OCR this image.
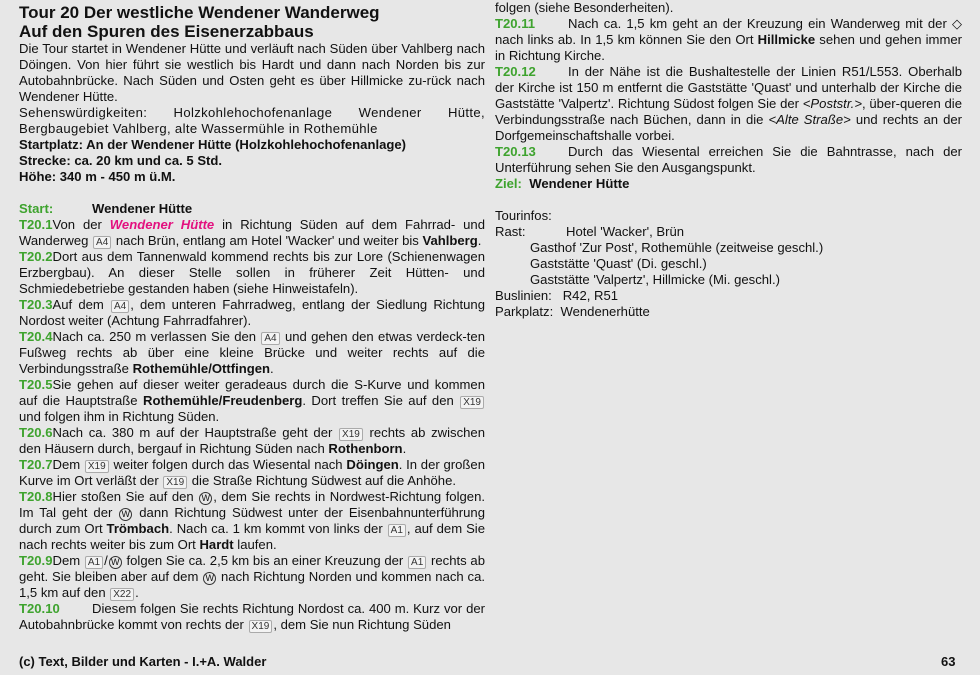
Tour 20 Der westliche Wendener Wanderweg

Auf den Spuren des Eisenerzabbaus

Die Tour startet in Wendener Hütte und verläuft nach Süden über Vahlberg nach Döingen. Von hier führt sie westlich bis Hardt und dann nach Norden bis zur Autobahnbrücke. Nach Süden und Osten geht es über Hillmicke zu-rück nach Wendener Hütte.

Sehenswürdigkeiten: Holzkohlehochofenanlage Wendener Hütte, Bergbaugebiet Vahlberg, alte Wassermühle in Rothemühle

Startplatz: An der Wendener Hütte (Holzkohlehochofenanlage)

Strecke: ca. 20 km und ca. 5 Std.

Höhe: 340 m - 450 m ü.M.

Start:	Wendener Hütte

T20.1Von der Wendener Hütte in Richtung Süden auf dem Fahrrad- und Wanderweg A4 nach Brün, entlang am Hotel 'Wacker' und weiter bis Vahlberg.

T20.2Dort aus dem Tannenwald kommend rechts bis zur Lore (Schienenwagen Erzbergbau). An dieser Stelle sollen in früherer Zeit Hütten- und Schmiedebetriebe gestanden haben (siehe Hinweistafeln).

T20.3Auf dem A4 , dem unteren Fahrradweg, entlang der Siedlung Richtung Nordost weiter (Achtung Fahrradfahrer).

T20.4Nach ca. 250 m verlassen Sie den A4 und gehen den etwas verdeck-ten Fußweg rechts ab über eine kleine Brücke und weiter rechts auf die Verbindungsstraße Rothemühle/Ottfingen.

T20.5Sie gehen auf dieser weiter geradeaus durch die S-Kurve und kommen auf die Hauptstraße Rothemühle/Freudenberg. Dort treffen Sie auf den X19 und folgen ihm in Richtung Süden.

T20.6Nach ca. 380 m auf der Hauptstraße geht der X19 rechts ab zwischen den Häusern durch, bergauf in Richtung Süden nach Rothenborn.

T20.7Dem X19 weiter folgen durch das Wiesental nach Döingen. In der großen Kurve im Ort verläßt der X19 die Straße Richtung Südwest auf die Anhöhe.

T20.8Hier stoßen Sie auf den W , dem Sie rechts in Nordwest-Richtung folgen. Im Tal geht der W dann Richtung Südwest unter der Eisenbahnunterführung durch zum Ort Trömbach. Nach ca. 1 km kommt von links der A1 , auf dem Sie nach rechts weiter bis zum Ort Hardt laufen.

T20.9Dem A1 / W folgen Sie ca. 2,5 km bis an einer Kreuzung der A1 rechts ab geht. Sie bleiben aber auf dem W nach Richtung Norden und kommen nach ca. 1,5 km auf den X22 .

T20.10 Diesem folgen Sie rechts Richtung Nordost ca. 400 m. Kurz vor der Autobahnbrücke kommt von rechts der X19 , dem Sie nun Richtung Süden

folgen (siehe Besonderheiten).

T20.11	Nach ca. 1,5 km geht an der Kreuzung ein Wanderweg mit der ◇ nach links ab. In 1,5 km können Sie den Ort Hillmicke sehen und gehen immer in Richtung Kirche.

T20.12 In der Nähe ist die Bushaltestelle der Linien R51/L553. Oberhalb der Kirche ist 150 m entfernt die Gaststätte 'Quast' und unterhalb der Kirche die Gaststätte 'Valpertz'. Richtung Südost folgen Sie der <Poststr.>, über-queren die Verbindungsstraße nach Büchen, dann in die <Alte Straße> und rechts an der Dorfgemeinschaftshalle vorbei.

T20.13 Durch das Wiesental erreichen Sie die Bahntrasse, nach der Unterführung sehen Sie den Ausgangspunkt.

Ziel: Wendener Hütte

Tourinfos:

Rast:	Hotel 'Wacker', Brün

Gasthof 'Zur Post', Rothemühle (zeitweise geschl.)

Gaststätte 'Quast' (Di. geschl.)

Gaststätte 'Valpertz', Hillmicke (Mi. geschl.)

Buslinien: R42, R51

Parkplatz: Wendenerhütte

(c) Text, Bilder und Karten - I.+A. Walder	63
